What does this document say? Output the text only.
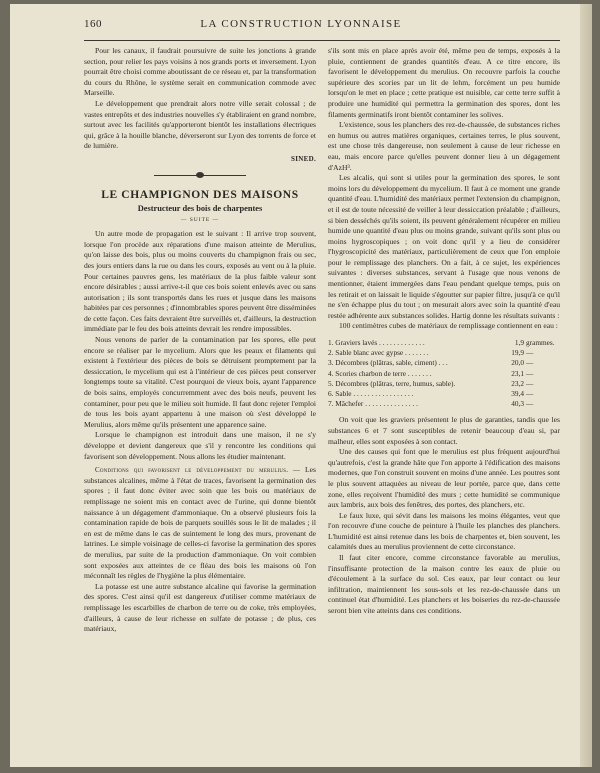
160	LA CONSTRUCTION LYONNAISE

Pour les canaux, il faudrait poursuivre de suite les jonctions à grande section, pour relier les pays voisins à nos grands ports et inversement. Lyon pourrait être choisi comme aboutissant de ce réseau et, par la transformation du cours du Rhône, le système serait en communication commode avec Marseille.

Le développement que prendrait alors notre ville serait colossal ; de vastes entrepôts et des industries nouvelles s'y établiraient en grand nombre, surtout avec les facilités qu'apporteront bientôt les installations électriques qui, grâce à la houille blanche, déverseront sur Lyon des torrents de force et de lumière.

SINED.
LE CHAMPIGNON DES MAISONS
Destructeur des bois de charpentes
— SUITE —

Un autre mode de propagation est le suivant : Il arrive trop souvent, lorsque l'on procède aux réparations d'une maison atteinte de Merulius, qu'on laisse des bois, plus ou moins couverts du champignon frais ou sec, des jours entiers dans la rue ou dans les cours, exposés au vent ou à la pluie. Pour certaines pauvres gens, les matériaux de la plus faible valeur sont encore désirables ; aussi arrive-t-il que ces bois soient enlevés avec ou sans autorisation ; ils sont transportés dans les rues et jusque dans les maisons habitées par ces personnes ; d'innombrables spores peuvent être disséminées de cette façon. Ces faits devraient être surveillés et, d'ailleurs, la destruction immédiate par le feu des bois atteints devrait les rendre impossibles.

Nous venons de parler de la contamination par les spores, elle peut encore se réaliser par le mycelium. Alors que les peaux et filaments qui existent à l'extérieur des pièces de bois se détruisent promptement par la dessiccation, le mycelium qui est à l'intérieur de ces pièces peut conserver longtemps toute sa vitalité. C'est pourquoi de vieux bois, ayant l'apparence de bois sains, employés concurremment avec des bois neufs, peuvent les contaminer, pour peu que le milieu soit humide. Il faut donc rejeter l'emploi de tous les bois ayant appartenu à une maison où s'est développé le Merulius, alors même qu'ils présentent une apparence saine.

Lorsque le champignon est introduit dans une maison, il ne s'y développe et devient dangereux que s'il y rencontre les conditions qui favorisent son développement. Nous allons les étudier maintenant.

Conditions qui favorisent le développement du merulius. — Les substances alcalines, même à l'état de traces, favorisent la germination des spores ; il faut donc éviter avec soin que les bois ou matériaux de remplissage ne soient mis en contact avec de l'urine, qui donne bientôt naissance à un dégagement d'ammoniaque. On a observé plusieurs fois la contamination rapide de bois de parquets souillés sous le lit de malades ; il en est de même dans le cas de suintement le long des murs, provenant de latrines. Le simple voisinage de celles-ci favorise la germination des spores de merulius, par suite de la production d'ammoniaque. On voit combien sont exposées aux atteintes de ce fléau des bois les maisons où l'on méconnaît les règles de l'hygiène la plus élémentaire.

La potasse est une autre substance alcaline qui favorise la germination des spores. C'est ainsi qu'il est dangereux d'utiliser comme matériaux de remplissage les escarbilles de charbon de terre ou de coke, très employées, d'ailleurs, à cause de leur richesse en sulfate de potasse ; de plus, ces matériaux,

s'ils sont mis en place après avoir été, même peu de temps, exposés à la pluie, contiennent de grandes quantités d'eau. A ce titre encore, ils favorisent le développement du merulius. On recouvre parfois la couche supérieure des scories par un lit de lehm, forcément un peu humide lorsqu'on le met en place ; cette pratique est nuisible, car cette terre suffit à produire une humidité qui permettra la germination des spores, dont les filaments germinatifs iront bientôt contaminer les solives.

L'existence, sous les planchers des rez-de-chaussée, de substances riches en humus ou autres matières organiques, certaines terres, le plus souvent, est une chose très dangereuse, non seulement à cause de leur richesse en eau, mais encore parce qu'elles peuvent donner lieu à un dégagement d'AzH³.

Les alcalis, qui sont si utiles pour la germination des spores, le sont moins lors du développement du mycelium. Il faut à ce moment une grande quantité d'eau. L'humidité des matériaux permet l'extension du champignon, et il est de toute nécessité de veiller à leur dessiccation préalable ; d'ailleurs, si bien desséchés qu'ils soient, ils peuvent généralement récupérer en milieu humide une quantité d'eau plus ou moins grande, suivant qu'ils sont plus ou moins hygroscopiques ; on voit donc qu'il y a lieu de considérer l'hygroscopicité des matériaux, particulièrement de ceux que l'on emploie pour le remplissage des planchers. On a fait, à ce sujet, les expériences suivantes : diverses substances, servant à l'usage que nous venons de mentionner, étaient immergées dans l'eau pendant quelque temps, puis on les retirait et on laissait le liquide s'égoutter sur papier filtre, jusqu'à ce qu'il ne s'en échappe plus du tout ; on mesurait alors avec soin la quantité d'eau restée adhérente aux substances solides. Hartig donne les résultats suivants :

100 centimètres cubes de matériaux de remplissage contiennent en eau :

1. Graviers lavés . . . . . . . . . . . . .	1,9 grammes.
2. Sable blanc avec gypse . . . . . . .	19,9 —
3. Décombres (plâtras, sable, ciment) . . .	20,0 —
4. Scories charbon de terre . . . . . . .	23,1 —
5. Décombres (plâtras, terre, humus, sable).	23,2 —
6. Sable . . . . . . . . . . . . . . . . .	39,4 —
7. Mâchefer . . . . . . . . . . . . . . .	40,3 —

On voit que les graviers présentent le plus de garanties, tandis que les substances 6 et 7 sont susceptibles de retenir beaucoup d'eau si, par malheur, elles sont exposées à son contact.

Une des causes qui font que le merulius est plus fréquent aujourd'hui qu'autrefois, c'est la grande hâte que l'on apporte à l'édification des maisons modernes, que l'on construit souvent en moins d'une année. Les poutres sont le plus souvent attaquées au niveau de leur portée, parce que, dans cette zone, elles reçoivent l'humidité des murs ; cette humidité se communique aux lambris, aux bois des fenêtres, des portes, des planchers, etc.

Le faux luxe, qui sévit dans les maisons les moins élégantes, veut que l'on recouvre d'une couche de peinture à l'huile les planches des planchers. L'humidité est ainsi retenue dans les bois de charpentes et, bien souvent, les calamités dues au merulius proviennent de cette circonstance.

Il faut citer encore, comme circonstance favorable au merulius, l'insuffisante protection de la maison contre les eaux de pluie ou d'écoulement à la surface du sol. Ces eaux, par leur contact ou leur infiltration, maintiennent les sous-sols et les rez-de-chaussée dans un continuel état d'humidité. Les planchers et les boiseries du rez-de-chaussée seront bien vite atteints dans ces conditions.
